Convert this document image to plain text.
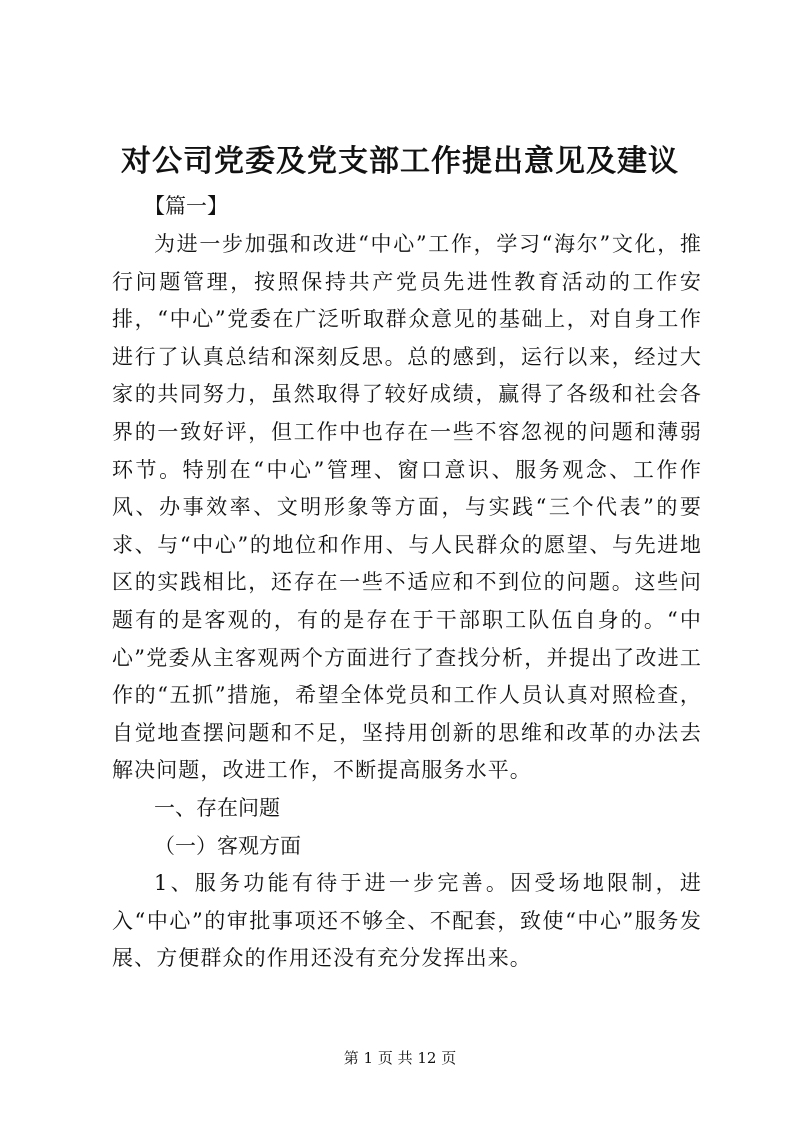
对公司党委及党支部工作提出意见及建议
【篇一】

为进一步加强和改进“中心”工作，学习“海尔”文化，推行问题管理，按照保持共产党员先进性教育活动的工作安排，“中心”党委在广泛听取群众意见的基础上，对自身工作进行了认真总结和深刻反思。总的感到，运行以来，经过大家的共同努力，虽然取得了较好成绩，赢得了各级和社会各界的一致好评，但工作中也存在一些不容忽视的问题和薄弱环节。特别在“中心”管理、窗口意识、服务观念、工作作风、办事效率、文明形象等方面，与实践“三个代表”的要求、与“中心”的地位和作用、与人民群众的愿望、与先进地区的实践相比，还存在一些不适应和不到位的问题。这些问题有的是客观的，有的是存在于干部职工队伍自身的。“中心”党委从主客观两个方面进行了查找分析，并提出了改进工作的“五抓”措施，希望全体党员和工作人员认真对照检查，自觉地查摆问题和不足，坚持用创新的思维和改革的办法去解决问题，改进工作，不断提高服务水平。

一、存在问题

（一）客观方面

1、服务功能有待于进一步完善。因受场地限制，进入“中心”的审批事项还不够全、不配套，致使“中心”服务发展、方便群众的作用还没有充分发挥出来。

第 1 页 共 12 页
